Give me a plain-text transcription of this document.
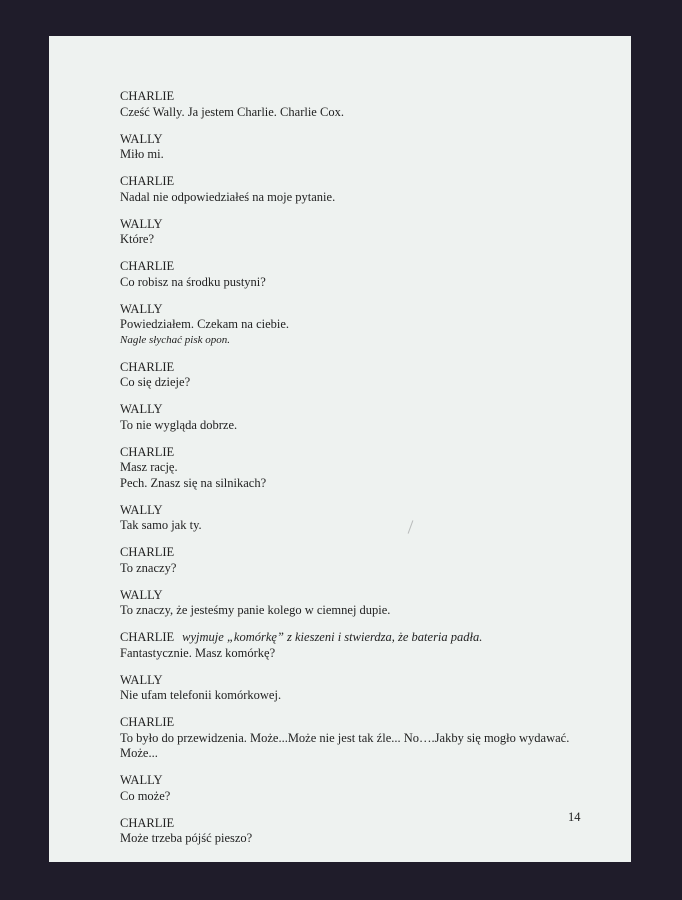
CHARLIE
Cześć Wally. Ja jestem Charlie. Charlie Cox.
WALLY
Miło mi.
CHARLIE
Nadal nie odpowiedziałeś na moje pytanie.
WALLY
Które?
CHARLIE
Co robisz na środku pustyni?
WALLY
Powiedziałem. Czekam na ciebie.
Nagle słychać pisk opon.
CHARLIE
Co się dzieje?
WALLY
To nie wygląda dobrze.
CHARLIE
Masz rację.
Pech. Znasz się na silnikach?
WALLY
Tak samo jak ty.
CHARLIE
To znaczy?
WALLY
To znaczy, że jesteśmy panie kolego w ciemnej dupie.
CHARLIE wyjmuje „komórkę” z kieszeni i stwierdza, że bateria padła.
Fantastycznie. Masz komórkę?
WALLY
Nie ufam telefonii komórkowej.
CHARLIE
To było do przewidzenia. Może...Może nie jest tak źle... No….Jakby się mogło wydawać.
Może...
WALLY
Co może?
CHARLIE
Może trzeba pójść pieszo?
14
